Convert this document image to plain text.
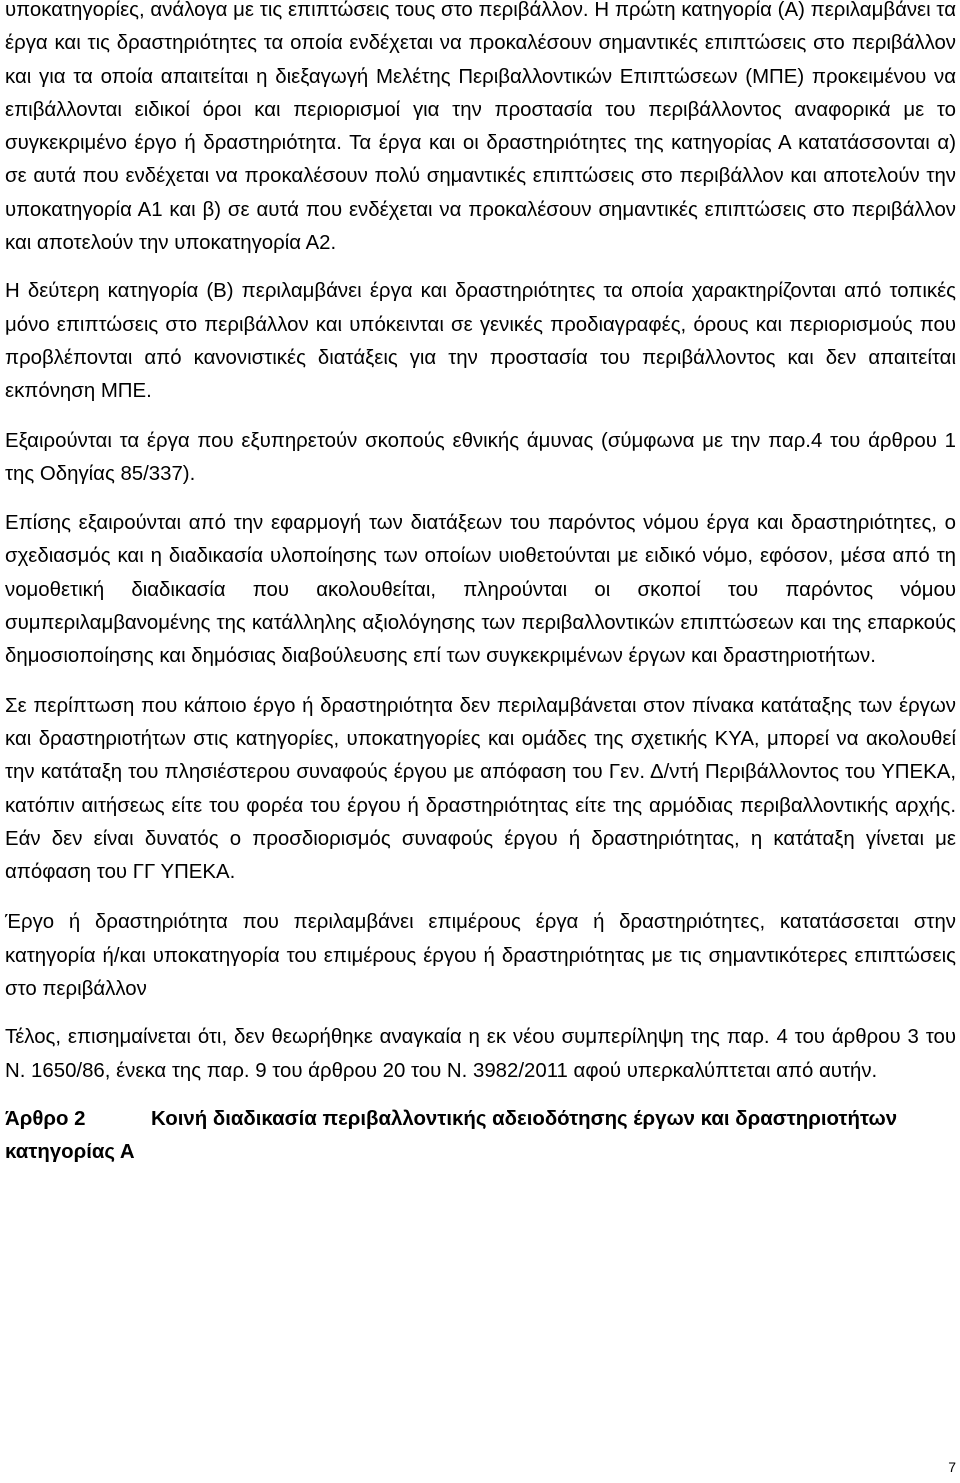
υποκατηγορίες, ανάλογα με τις επιπτώσεις τους στο περιβάλλον. Η πρώτη κατηγορία (Α) περιλαμβάνει τα έργα και τις δραστηριότητες τα οποία ενδέχεται να προκαλέσουν σημαντικές επιπτώσεις στο περιβάλλον και για τα οποία απαιτείται η διεξαγωγή Μελέτης Περιβαλλοντικών Επιπτώσεων (ΜΠΕ) προκειμένου να επιβάλλονται ειδικοί όροι και περιορισμοί για την προστασία του περιβάλλοντος αναφορικά με το συγκεκριμένο έργο ή δραστηριότητα. Τα έργα και οι δραστηριότητες της κατηγορίας Α κατατάσσονται α) σε αυτά που ενδέχεται να προκαλέσουν πολύ σημαντικές επιπτώσεις στο περιβάλλον και αποτελούν την υποκατηγορία Α1 και β) σε αυτά που ενδέχεται να προκαλέσουν σημαντικές επιπτώσεις στο περιβάλλον και αποτελούν την υποκατηγορία Α2.

Η δεύτερη κατηγορία (Β) περιλαμβάνει έργα και δραστηριότητες τα οποία χαρακτηρίζονται από τοπικές μόνο επιπτώσεις στο περιβάλλον και υπόκεινται σε γενικές προδιαγραφές, όρους και περιορισμούς που προβλέπονται από κανονιστικές διατάξεις για την προστασία του περιβάλλοντος και δεν απαιτείται εκπόνηση ΜΠΕ.

Εξαιρούνται τα έργα που εξυπηρετούν σκοπούς εθνικής άμυνας (σύμφωνα με την παρ.4 του άρθρου 1 της Οδηγίας 85/337).

Επίσης εξαιρούνται από την εφαρμογή των διατάξεων του παρόντος νόμου έργα και δραστηριότητες, ο σχεδιασμός και η διαδικασία υλοποίησης των οποίων υιοθετούνται με ειδικό νόμο, εφόσον, μέσα από τη νομοθετική διαδικασία που ακολουθείται, πληρούνται οι σκοποί του παρόντος νόμου συμπεριλαμβανομένης της κατάλληλης αξιολόγησης των περιβαλλοντικών επιπτώσεων και της επαρκούς δημοσιοποίησης και δημόσιας διαβούλευσης επί των συγκεκριμένων έργων και δραστηριοτήτων.

Σε περίπτωση που κάποιο έργο ή δραστηριότητα δεν περιλαμβάνεται στον πίνακα κατάταξης των έργων και δραστηριοτήτων στις κατηγορίες, υποκατηγορίες και ομάδες της σχετικής ΚΥΑ, μπορεί να ακολουθεί την κατάταξη του πλησιέστερου συναφούς έργου με απόφαση του Γεν. Δ/ντή Περιβάλλοντος του ΥΠΕΚΑ, κατόπιν αιτήσεως είτε του φορέα του έργου ή δραστηριότητας είτε της αρμόδιας περιβαλλοντικής αρχής. Εάν δεν είναι δυνατός ο προσδιορισμός συναφούς έργου ή δραστηριότητας, η κατάταξη γίνεται με απόφαση του ΓΓ ΥΠΕΚΑ.

Έργο ή δραστηριότητα που περιλαμβάνει επιμέρους έργα ή δραστηριότητες, κατατάσσεται στην κατηγορία ή/και υποκατηγορία του επιμέρους έργου ή δραστηριότητας με τις σημαντικότερες επιπτώσεις στο περιβάλλον

Τέλος, επισημαίνεται ότι, δεν θεωρήθηκε αναγκαία η εκ νέου συμπερίληψη της παρ. 4 του άρθρου 3 του Ν. 1650/86, ένεκα της παρ. 9 του άρθρου 20 του Ν. 3982/2011 αφού υπερκαλύπτεται από αυτήν.

Άρθρο 2
κατηγορίας Α
Κοινή διαδικασία περιβαλλοντικής αδειοδότησης έργων και δραστηριοτήτων
7
